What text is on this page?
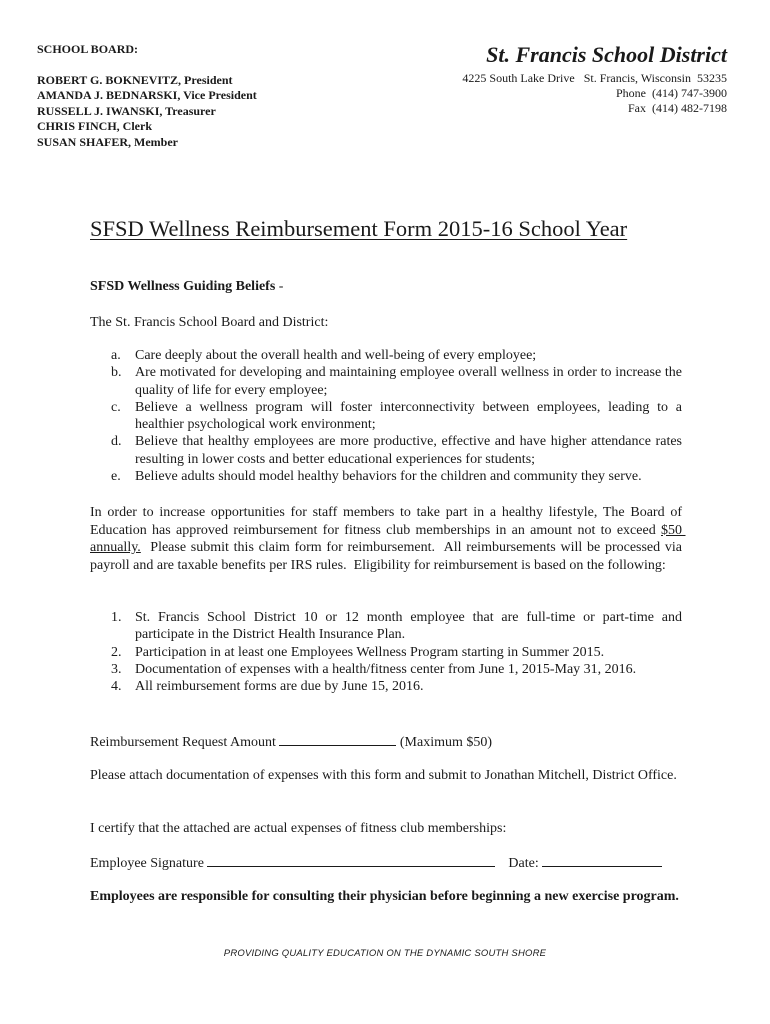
SCHOOL BOARD:
ROBERT G. BOKNEVITZ, President
AMANDA J. BEDNARSKI, Vice President
RUSSELL J. IWANSKI, Treasurer
CHRIS FINCH, Clerk
SUSAN SHAFER, Member
St. Francis School District
4225 South Lake Drive   St. Francis, Wisconsin  53235
Phone  (414) 747-3900
Fax  (414) 482-7198
SFSD Wellness Reimbursement Form 2015-16 School Year
SFSD Wellness Guiding Beliefs -
The St. Francis School Board and District:
a. Care deeply about the overall health and well-being of every employee;
b. Are motivated for developing and maintaining employee overall wellness in order to increase the quality of life for every employee;
c. Believe a wellness program will foster interconnectivity between employees, leading to a healthier psychological work environment;
d. Believe that healthy employees are more productive, effective and have higher attendance rates resulting in lower costs and better educational experiences for students;
e. Believe adults should model healthy behaviors for the children and community they serve.
In order to increase opportunities for staff members to take part in a healthy lifestyle, The Board of Education has approved reimbursement for fitness club memberships in an amount not to exceed $50 annually.  Please submit this claim form for reimbursement.  All reimbursements will be processed via payroll and are taxable benefits per IRS rules.  Eligibility for reimbursement is based on the following:
1. St. Francis School District 10 or 12 month employee that are full-time or part-time and participate in the District Health Insurance Plan.
2. Participation in at least one Employees Wellness Program starting in Summer 2015.
3. Documentation of expenses with a health/fitness center from June 1, 2015-May 31, 2016.
4. All reimbursement forms are due by June 15, 2016.
Reimbursement Request Amount	(Maximum $50)
Please attach documentation of expenses with this form and submit to Jonathan Mitchell, District Office.
I certify that the attached are actual expenses of fitness club memberships:
Employee Signature	Date:
Employees are responsible for consulting their physician before beginning a new exercise program.
PROVIDING QUALITY EDUCATION ON THE DYNAMIC SOUTH SHORE
